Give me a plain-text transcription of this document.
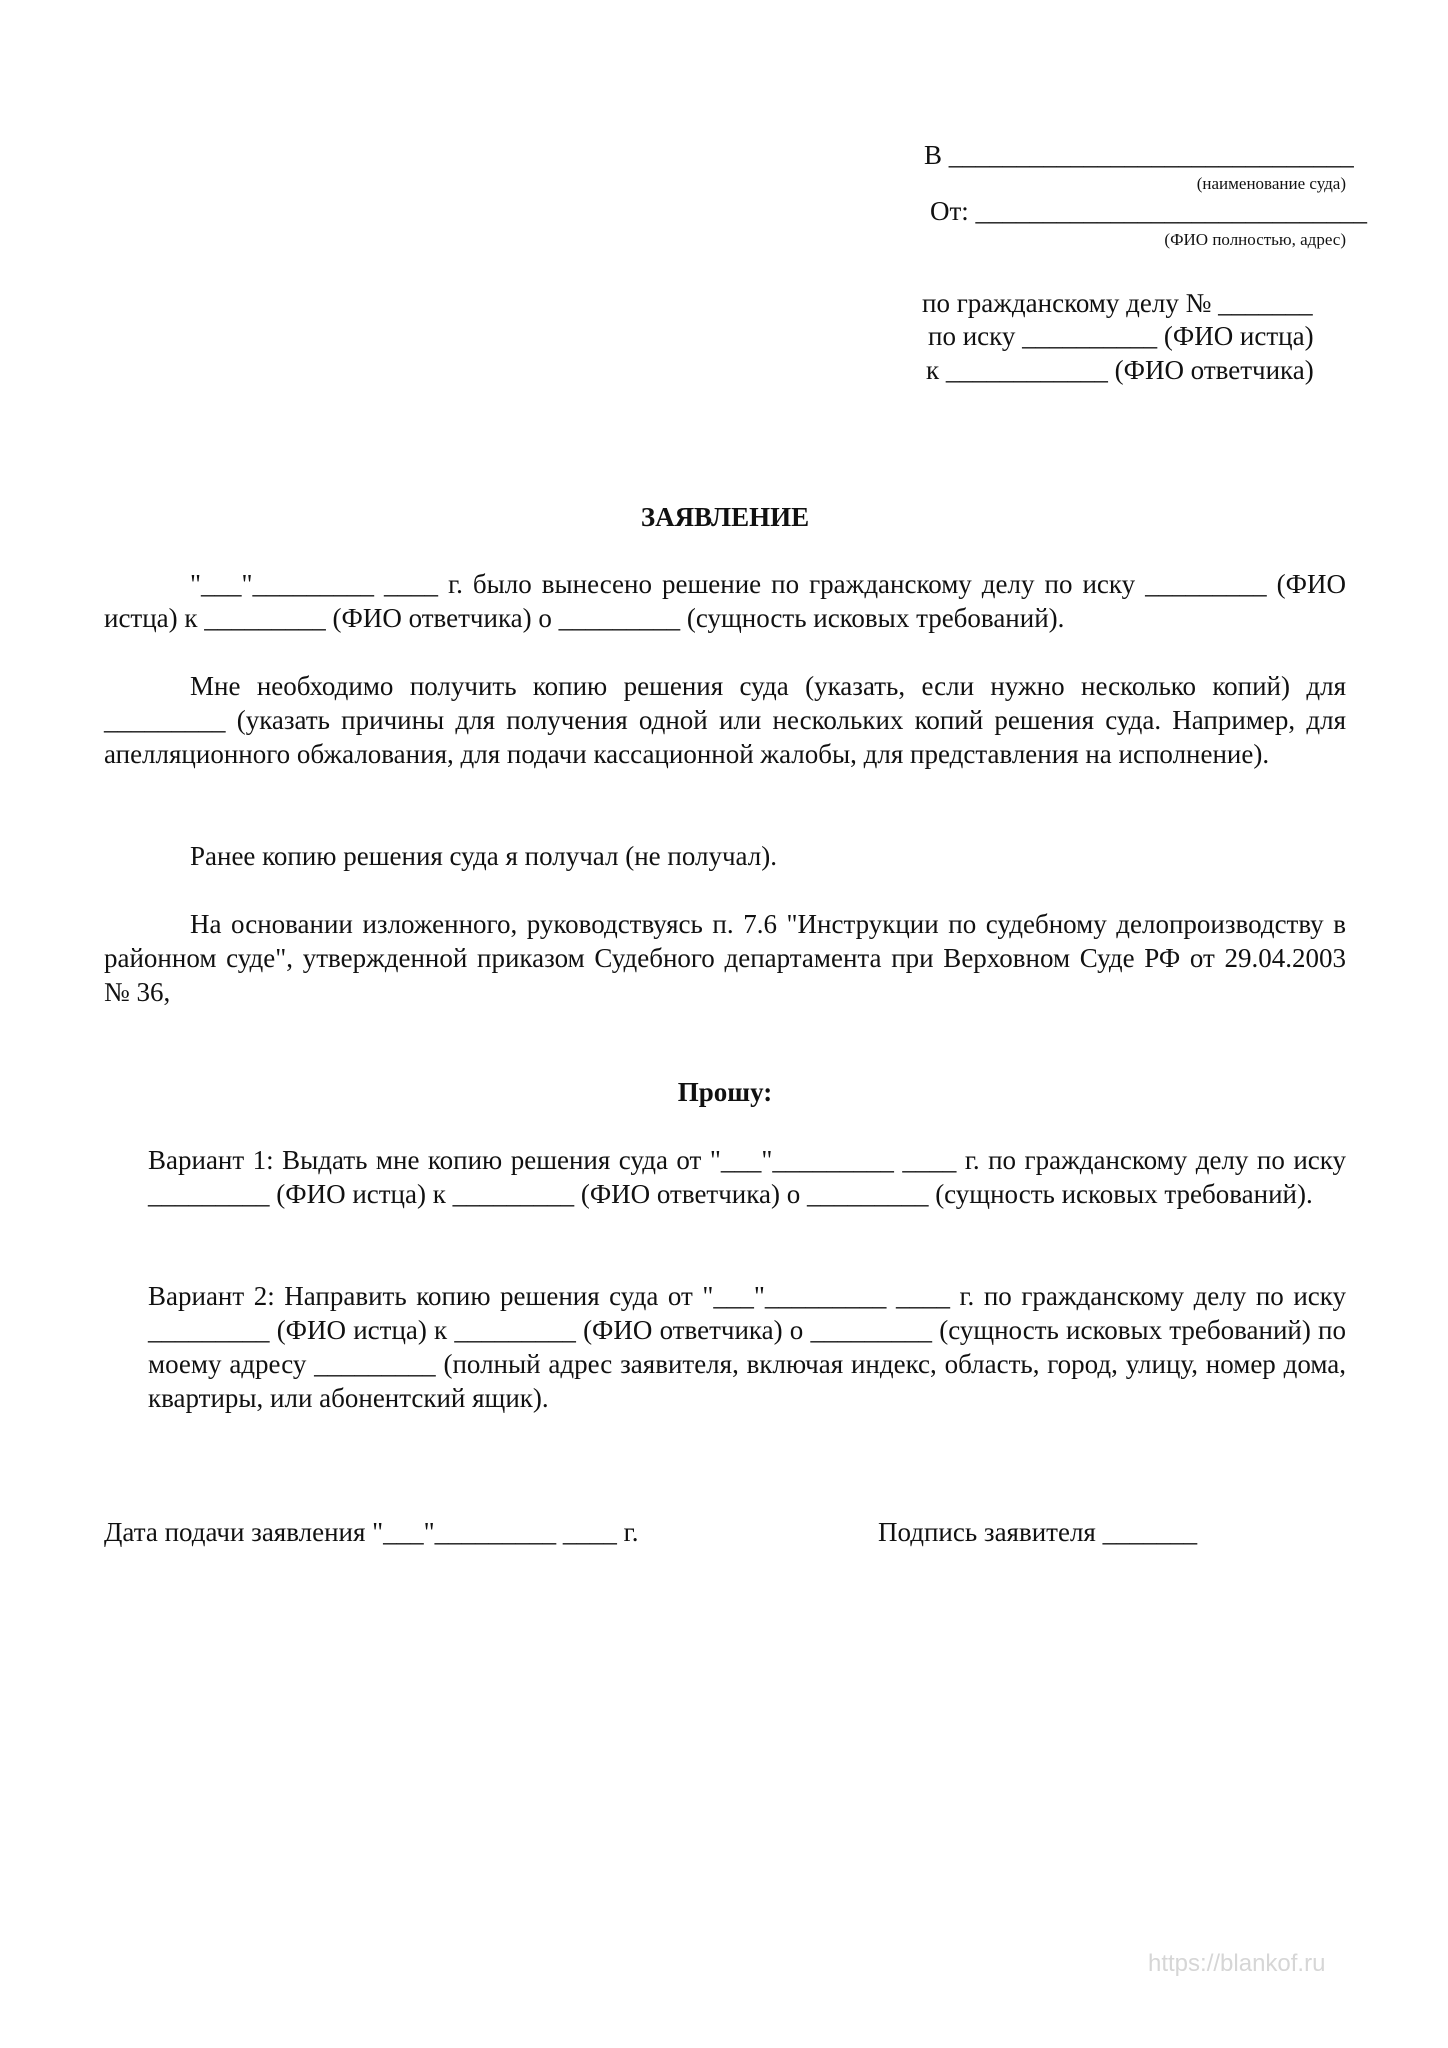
В ______________________________
(наименование суда)
От: _____________________________
(ФИО полностью, адрес)
по гражданскому делу № _______
по иску __________ (ФИО истца)
к ____________ (ФИО ответчика)
ЗАЯВЛЕНИЕ
"___"_________ ____ г. было вынесено решение по гражданскому делу по иску _________ (ФИО истца) к _________ (ФИО ответчика) о _________ (сущность исковых требований).
Мне необходимо получить копию решения суда (указать, если нужно несколько копий) для _________ (указать причины для получения одной или нескольких копий решения суда. Например, для апелляционного обжалования, для подачи кассационной жалобы, для представления на исполнение).
Ранее копию решения суда я получал (не получал).
На основании изложенного, руководствуясь п. 7.6 "Инструкции по судебному делопроизводству в районном суде", утвержденной приказом Судебного департамента при Верховном Суде РФ от 29.04.2003 № 36,
Прошу:
Вариант 1: Выдать мне копию решения суда от "___"_________ ____ г. по гражданскому делу по иску _________ (ФИО истца) к _________ (ФИО ответчика) о _________ (сущность исковых требований).
Вариант 2: Направить копию решения суда от "___"_________ ____ г. по гражданскому делу по иску _________ (ФИО истца) к _________ (ФИО ответчика) о _________ (сущность исковых требований) по моему адресу _________ (полный адрес заявителя, включая индекс, область, город, улицу, номер дома, квартиры, или абонентский ящик).
Дата подачи заявления "___"_________ ____ г.	Подпись заявителя _______
https://blankof.ru
